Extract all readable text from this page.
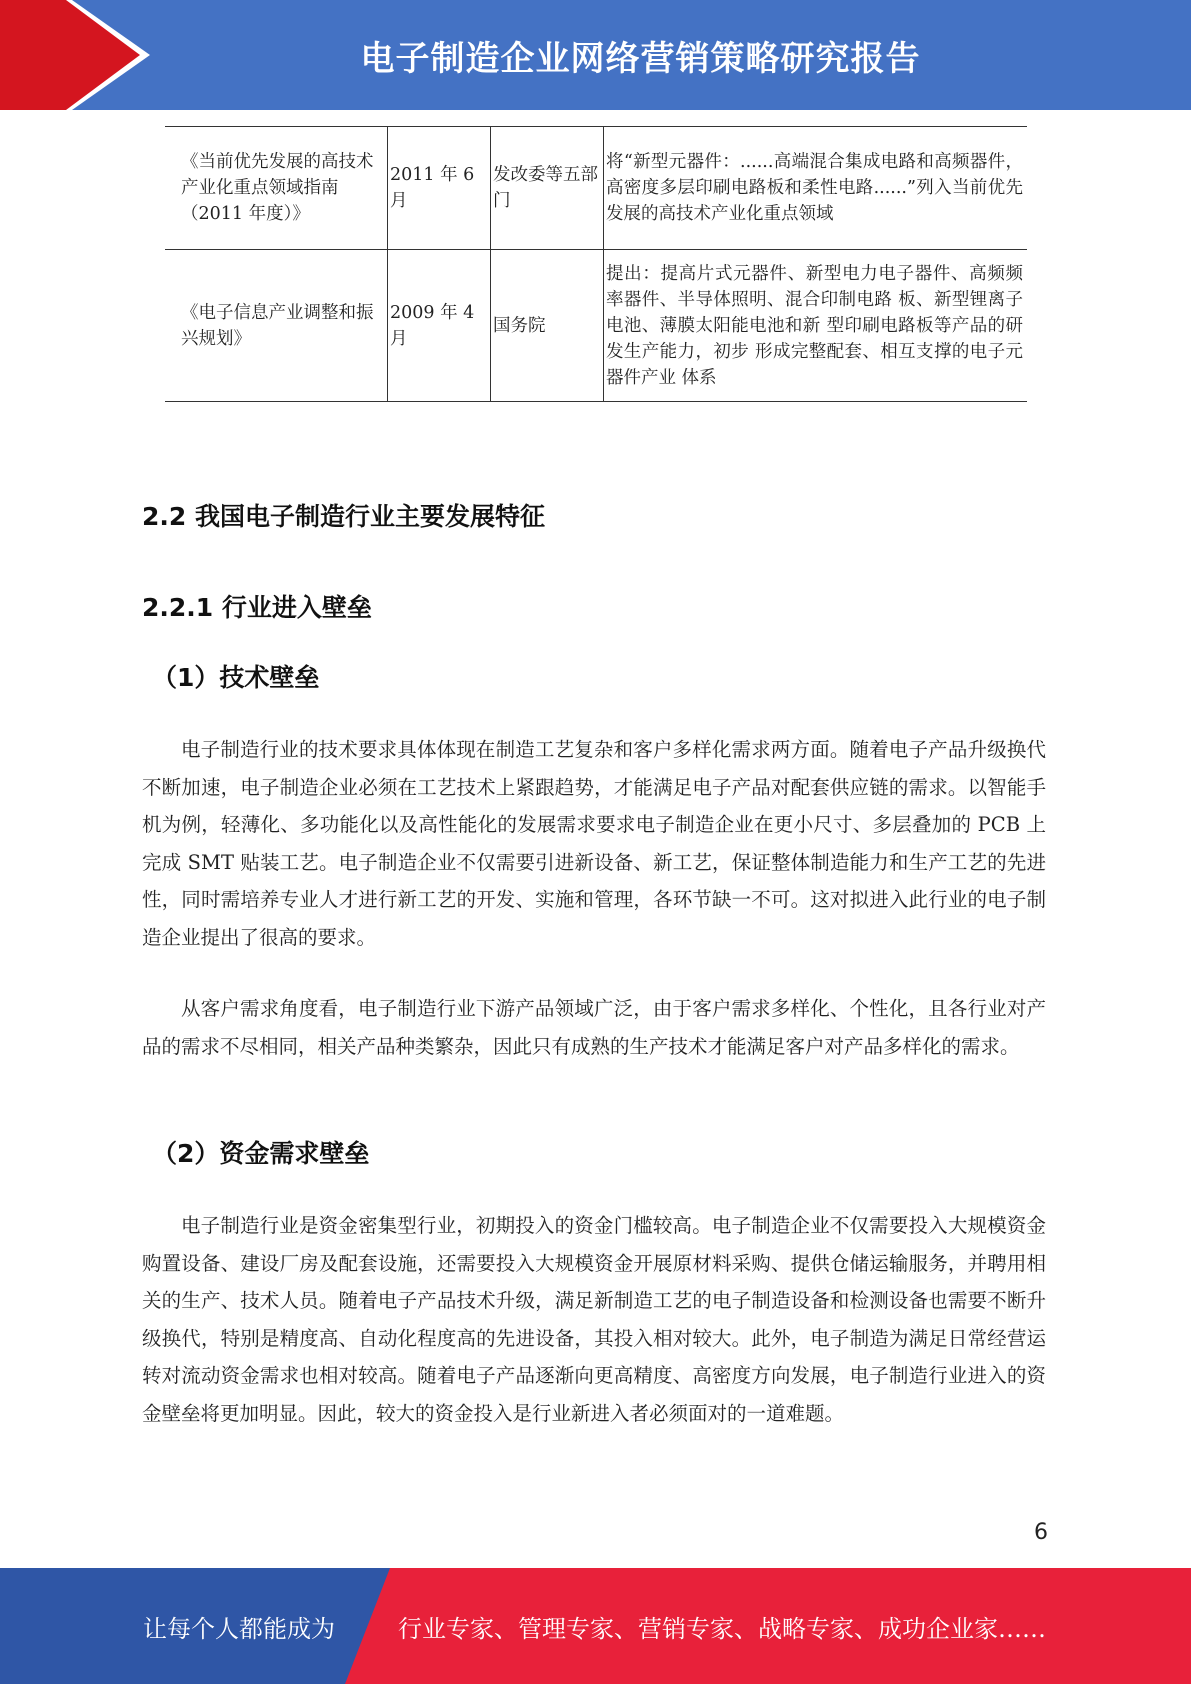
电子制造企业网络营销策略研究报告
《当前优先发展的高技术产业化重点领域指南（2011 年度）》	2011 年 6 月	发改委等五部门	将“新型元器件：......高端混合集成电路和高频器件，高密度多层印刷电路板和柔性电路......”列入当前优先发展的高技术产业化重点领域
《电子信息产业调整和振兴规划》	2009 年 4 月	国务院	提出：提高片式元器件、新型电力电子器件、高频频率器件、半导体照明、混合印制电路 板、新型锂离子电池、薄膜太阳能电池和新 型印刷电路板等产品的研发生产能力，初步 形成完整配套、相互支撑的电子元器件产业 体系
2.2 我国电子制造行业主要发展特征
2.2.1 行业进入壁垒
（1）技术壁垒

电子制造行业的技术要求具体体现在制造工艺复杂和客户多样化需求两方面。随着电子产品升级换代不断加速，电子制造企业必须在工艺技术上紧跟趋势，才能满足电子产品对配套供应链的需求。以智能手机为例，轻薄化、多功能化以及高性能化的发展需求要求电子制造企业在更小尺寸、多层叠加的 PCB 上完成 SMT 贴装工艺。电子制造企业不仅需要引进新设备、新工艺，保证整体制造能力和生产工艺的先进性，同时需培养专业人才进行新工艺的开发、实施和管理，各环节缺一不可。这对拟进入此行业的电子制造企业提出了很高的要求。

从客户需求角度看，电子制造行业下游产品领域广泛，由于客户需求多样化、个性化，且各行业对产品的需求不尽相同，相关产品种类繁杂，因此只有成熟的生产技术才能满足客户对产品多样化的需求。

（2）资金需求壁垒

电子制造行业是资金密集型行业，初期投入的资金门槛较高。电子制造企业不仅需要投入大规模资金购置设备、建设厂房及配套设施，还需要投入大规模资金开展原材料采购、提供仓储运输服务，并聘用相关的生产、技术人员。随着电子产品技术升级，满足新制造工艺的电子制造设备和检测设备也需要不断升级换代，特别是精度高、自动化程度高的先进设备，其投入相对较大。此外，电子制造为满足日常经营运转对流动资金需求也相对较高。随着电子产品逐渐向更高精度、高密度方向发展，电子制造行业进入的资金壁垒将更加明显。因此，较大的资金投入是行业新进入者必须面对的一道难题。

6
让每个人都能成为	行业专家、管理专家、营销专家、战略专家、成功企业家……
